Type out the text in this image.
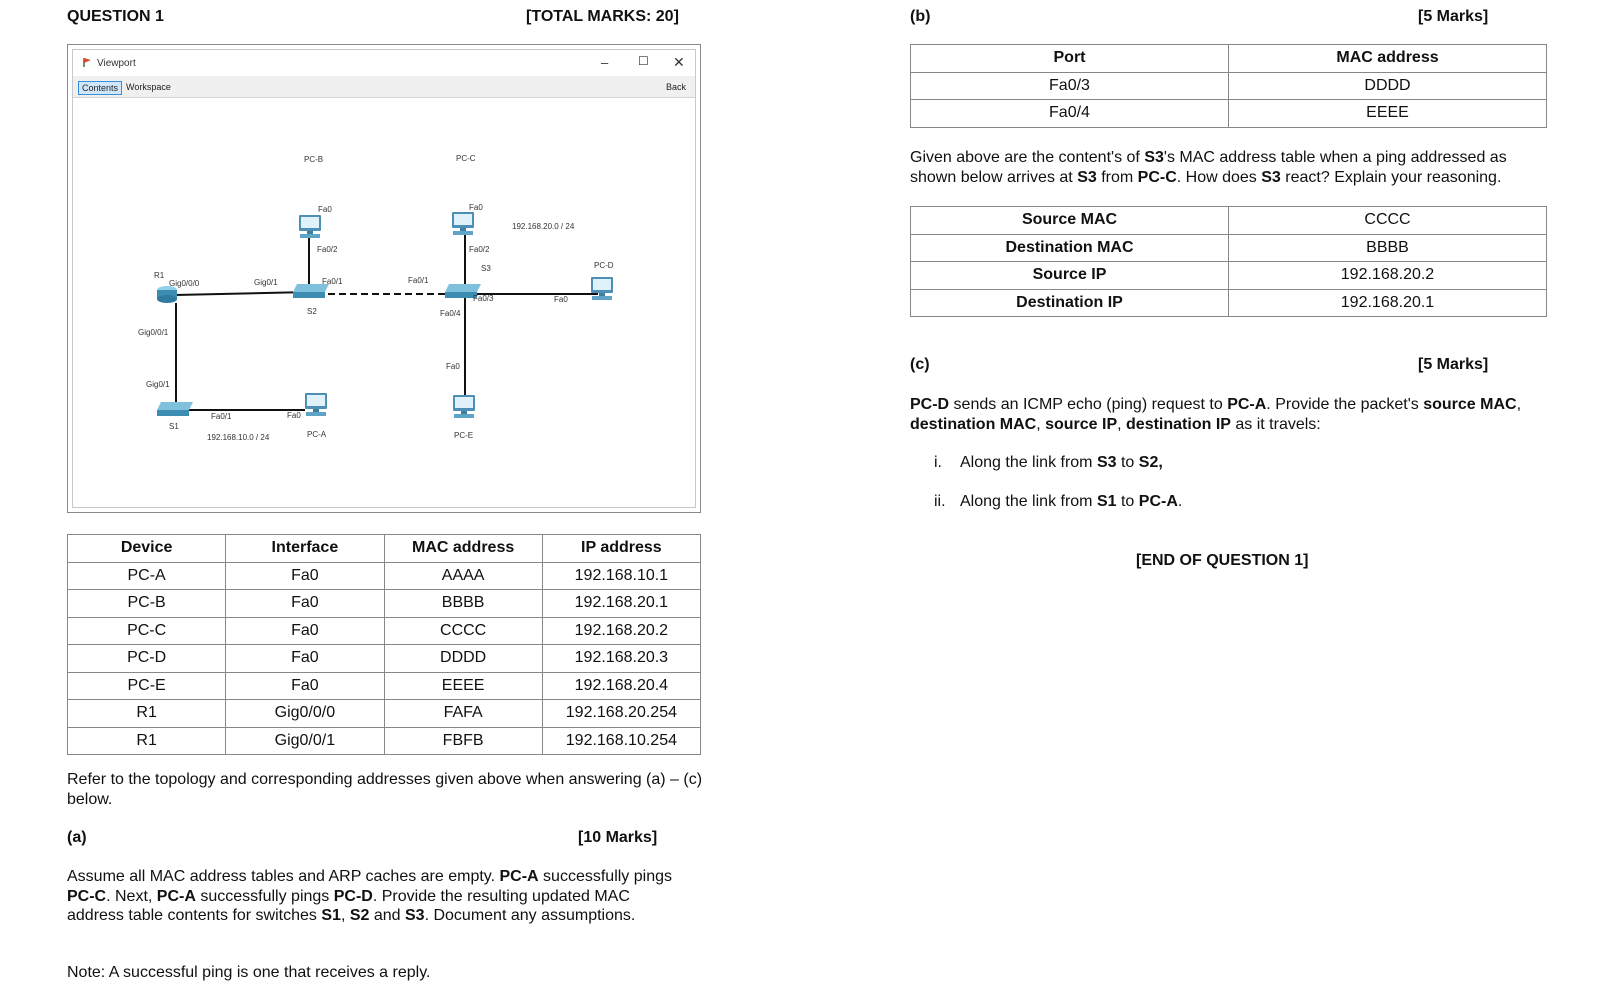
QUESTION 1	[TOTAL MARKS: 20]
Viewport	– ☐ ✕
Contents Workspace	Back
PC-B	PC-C
PC-D
PC-A	PC-E
R1
S1
S2
S3
Fa0
Fa0/2
Fa0/1
Fa0
Fa0/2
Fa0/1
Fa0/3
Fa0/4
Fa0
Fa0
Gig0/0/0
Gig0/0/1
Gig0/1
Gig0/1
Fa0/1	Fa0
192.168.20.0 / 24
192.168.10.0 / 24
Device	Interface	MAC address	IP address
PC-A	Fa0	AAAA	192.168.10.1
PC-B	Fa0	BBBB	192.168.20.1
PC-C	Fa0	CCCC	192.168.20.2
PC-D	Fa0	DDDD	192.168.20.3
PC-E	Fa0	EEEE	192.168.20.4
R1	Gig0/0/0	FAFA	192.168.20.254
R1	Gig0/0/1	FBFB	192.168.10.254
Refer to the topology and corresponding addresses given above when answering (a) – (c) below.
(a)	[10 Marks]
Assume all MAC address tables and ARP caches are empty. PC-A successfully pings PC-C. Next, PC-A successfully pings PC-D. Provide the resulting updated MAC address table contents for switches S1, S2 and S3. Document any assumptions.
Note: A successful ping is one that receives a reply.
(b)	[5 Marks]
Port	MAC address
Fa0/3	DDDD
Fa0/4	EEEE
Given above are the content's of S3's MAC address table when a ping addressed as shown below arrives at S3 from PC-C. How does S3 react? Explain your reasoning.
Source MAC	CCCC
Destination MAC	BBBB
Source IP	192.168.20.2
Destination IP	192.168.20.1
(c)	[5 Marks]
PC-D sends an ICMP echo (ping) request to PC-A. Provide the packet's source MAC, destination MAC, source IP, destination IP as it travels:
i. Along the link from S3 to S2,
ii. Along the link from S1 to PC-A.
[END OF QUESTION 1]
